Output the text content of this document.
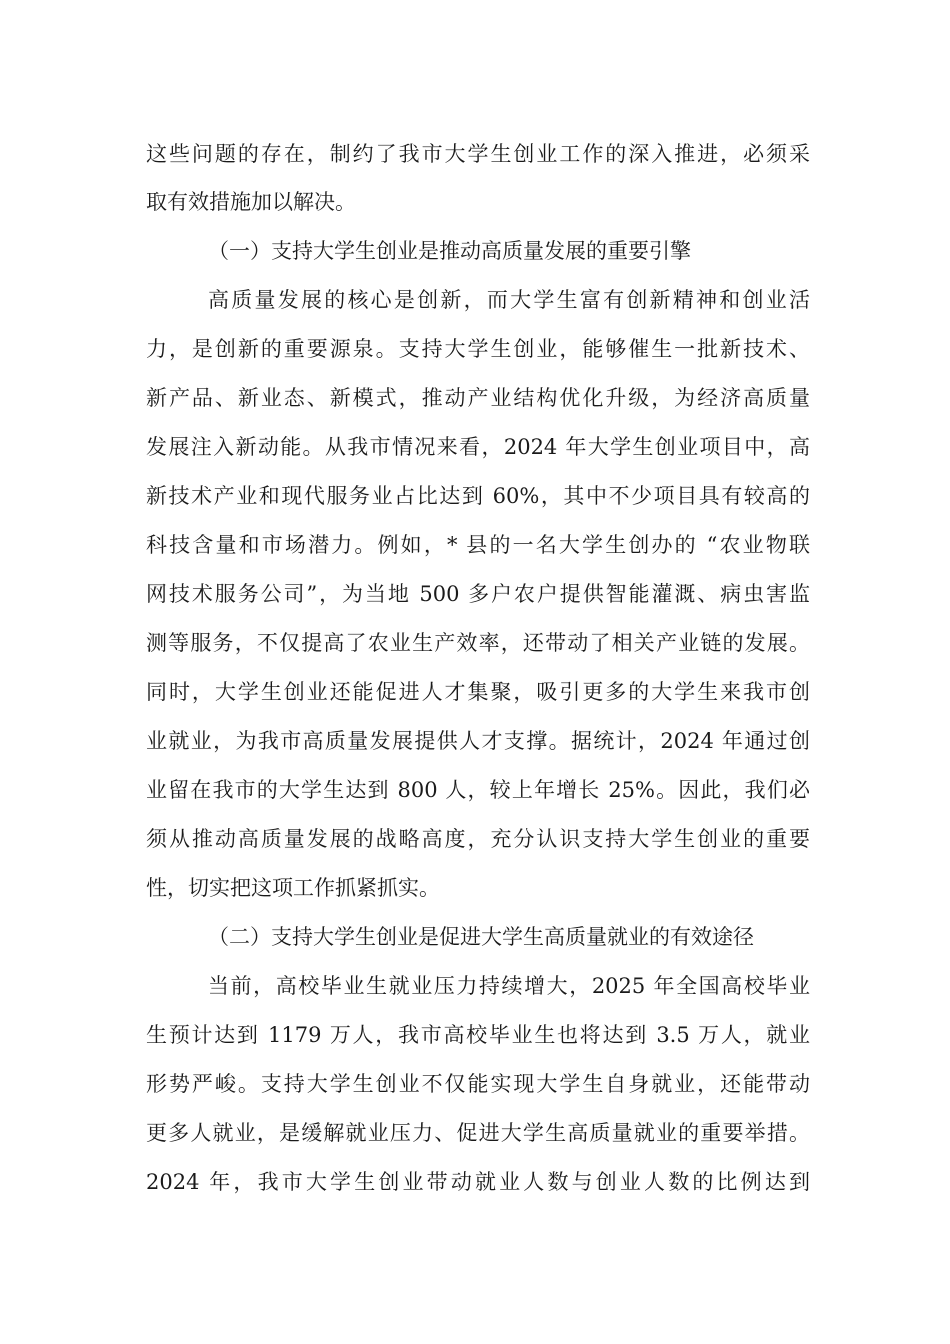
这些问题的存在，制约了我市大学生创业工作的深入推进，必须采
取有效措施加以解决。
（一）支持大学生创业是推动高质量发展的重要引擎
高质量发展的核心是创新，而大学生富有创新精神和创业活
力，是创新的重要源泉。支持大学生创业，能够催生一批新技术、
新产品、新业态、新模式，推动产业结构优化升级，为经济高质量
发展注入新动能。从我市情况来看，2024 年大学生创业项目中，高
新技术产业和现代服务业占比达到 60%，其中不少项目具有较高的
科技含量和市场潜力。例如，* 县的一名大学生创办的 “农业物联
网技术服务公司”，为当地 500 多户农户提供智能灌溉、病虫害监
测等服务，不仅提高了农业生产效率，还带动了相关产业链的发展。
同时，大学生创业还能促进人才集聚，吸引更多的大学生来我市创
业就业，为我市高质量发展提供人才支撑。据统计，2024 年通过创
业留在我市的大学生达到 800 人，较上年增长 25%。因此，我们必
须从推动高质量发展的战略高度，充分认识支持大学生创业的重要
性，切实把这项工作抓紧抓实。
（二）支持大学生创业是促进大学生高质量就业的有效途径
当前，高校毕业生就业压力持续增大，2025 年全国高校毕业
生预计达到 1179 万人，我市高校毕业生也将达到 3.5 万人，就业
形势严峻。支持大学生创业不仅能实现大学生自身就业，还能带动
更多人就业，是缓解就业压力、促进大学生高质量就业的重要举措。
2024 年，我市大学生创业带动就业人数与创业人数的比例达到
